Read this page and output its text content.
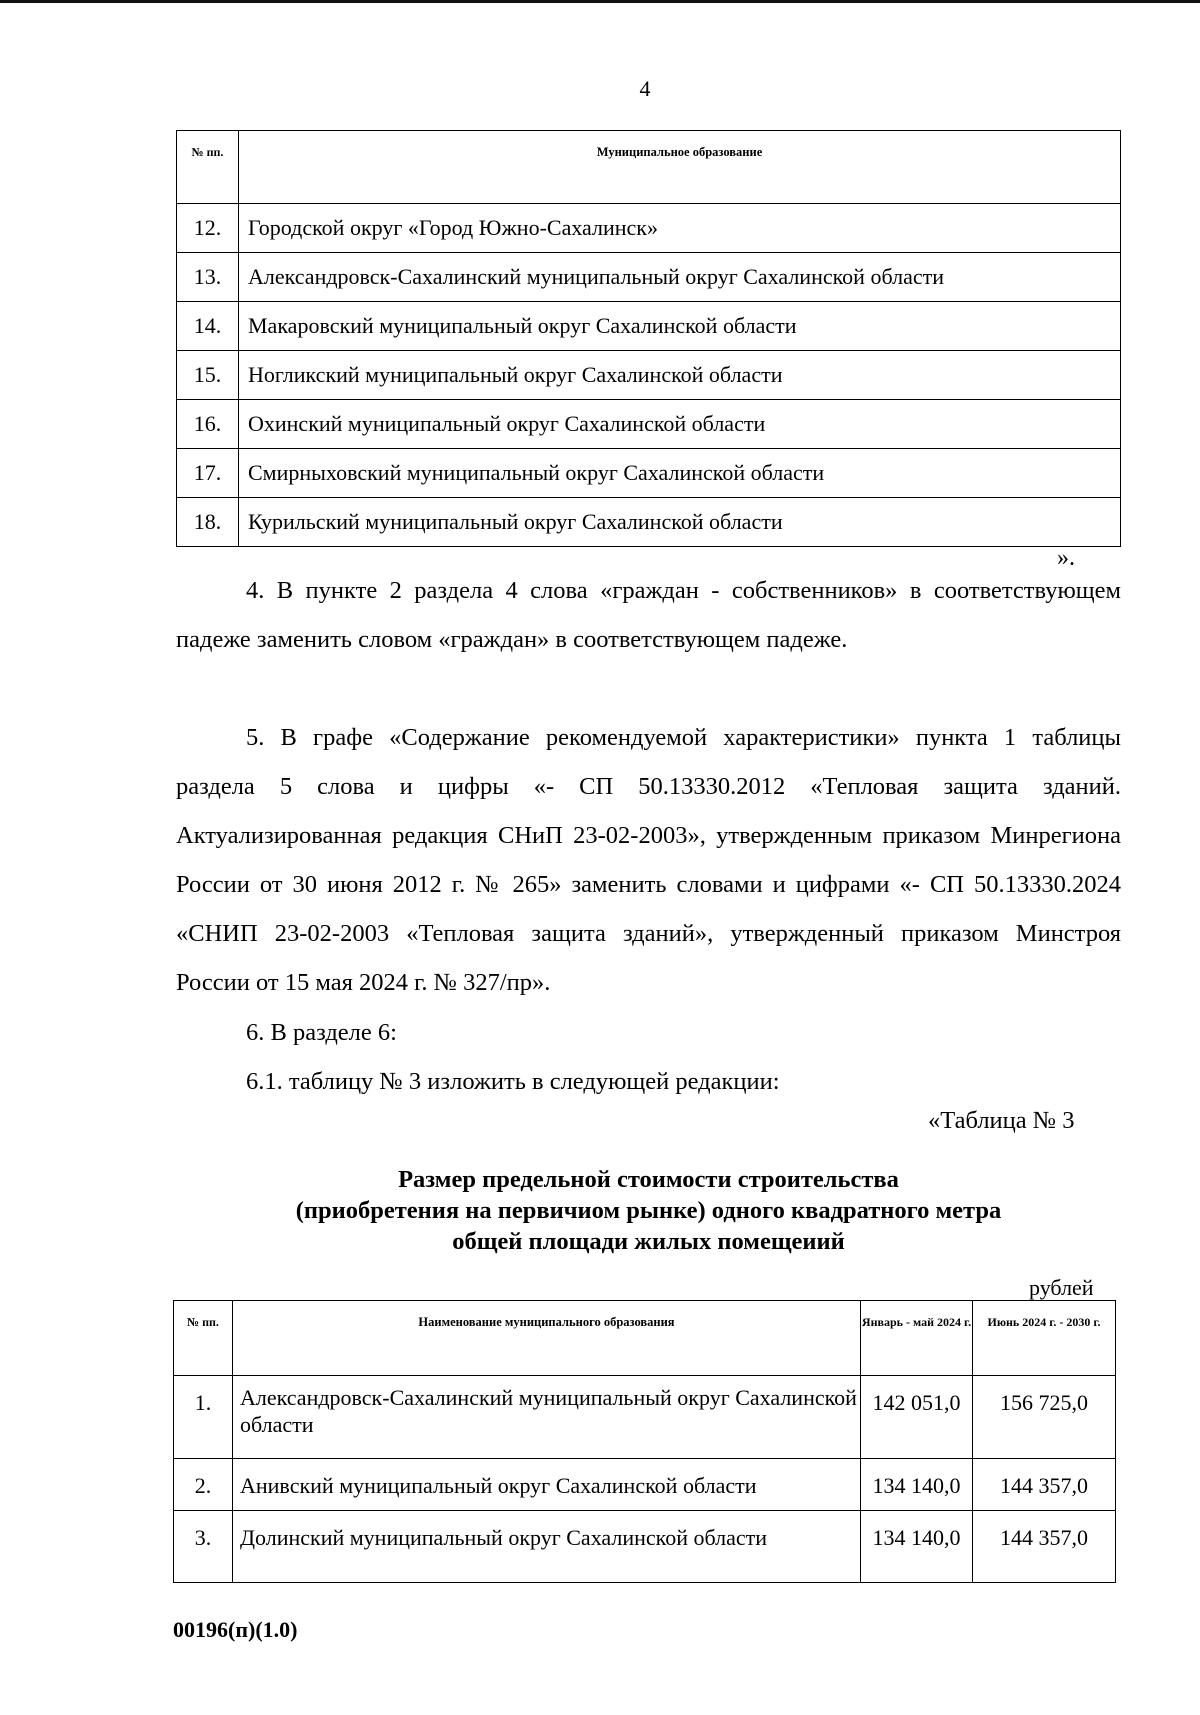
4
№ пп.	Муниципальное образование
12.	Городской округ «Город Южно-Сахалинск»
13.	Александровск-Сахалинский муниципальный округ Сахалинской области
14.	Макаровский муниципальный округ Сахалинской области
15.	Ногликский муниципальный округ Сахалинской области
16.	Охинский муниципальный округ Сахалинской области
17.	Смирныховский муниципальный округ Сахалинской области
18.	Курильский муниципальный округ Сахалинской области
».

4. В пункте 2 раздела 4 слова «граждан - собственников» в соответствующем падеже заменить словом «граждан» в соответствующем падеже.

5. В графе «Содержание рекомендуемой характеристики» пункта 1 таблицы раздела 5 слова и цифры «- СП 50.13330.2012 «Тепловая защита зданий. Актуализированная редакция СНиП 23-02-2003», утвержденным приказом Минрегиона России от 30 июня 2012 г. № 265» заменить словами и цифрами «- СП 50.13330.2024 «СНИП 23-02-2003 «Тепловая защита зданий», утвержденный приказом Минстроя России от 15 мая 2024 г. № 327/пр».

6. В разделе 6:

6.1. таблицу № 3 изложить в следующей редакции:

«Таблица № 3

Размер предельной стоимости строительства
(приобретения на первичиом рынке) одного квадратного метра
общей площади жилых помещеиий

рублей
№ пп.	Наименование муниципального образования	Январь - май 2024 г.	Июнь 2024 г. - 2030 г.
1.	Александровск-Сахалинский муниципальный округ Сахалинской области	142 051,0	156 725,0
2.	Анивский муниципальный округ Сахалинской области	134 140,0	144 357,0
3.	Долинский муниципальный округ Сахалинской области	134 140,0	144 357,0
00196(п)(1.0)
